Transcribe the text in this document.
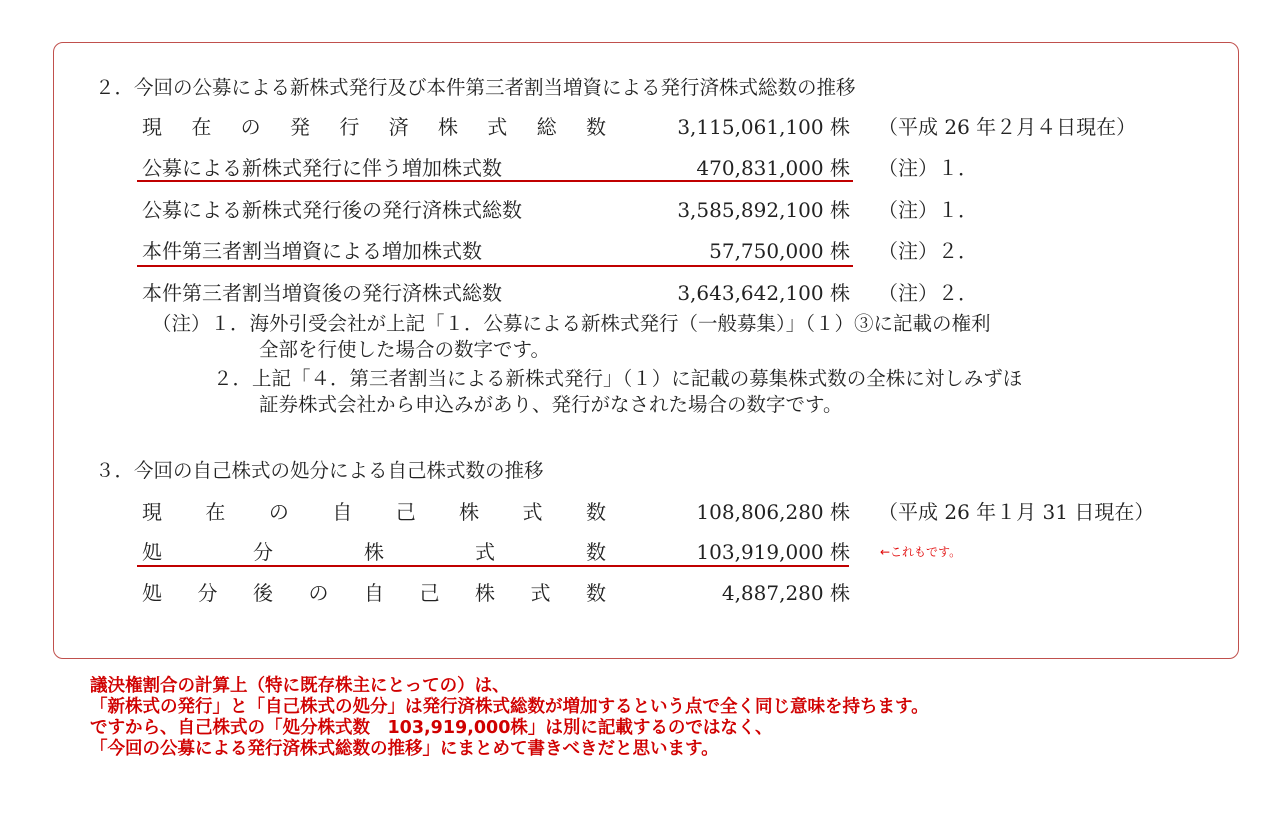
２．今回の公募による新株式発行及び本件第三者割当増資による発行済株式総数の推移
現 在 の 発 行 済 株 式 総 数	3,115,061,100 株 （平成 26 年２月４日現在）
公募による新株式発行に伴う増加株式数	470,831,000 株 （注）１．
公募による新株式発行後の発行済株式総数	3,585,892,100 株 （注）１．
本件第三者割当増資による増加株式数	57,750,000 株 （注）２．
本件第三者割当増資後の発行済株式総数	3,643,642,100 株 （注）２．
（注）１．海外引受会社が上記「１．公募による新株式発行（一般募集）」（１）③に記載の権利
全部を行使した場合の数字です。
２．上記「４．第三者割当による新株式発行」（１）に記載の募集株式数の全株に対しみずほ
証券株式会社から申込みがあり、発行がなされた場合の数字です。
３．今回の自己株式の処分による自己株式数の推移
現 在 の 自 己 株 式 数	108,806,280 株 （平成 26 年１月 31 日現在）
処	分	株	式	数	103,919,000 株
処 分 後 の 自 己 株 式 数	4,887,280 株
←これもです。
議決権割合の計算上（特に既存株主にとっての）は、
「新株式の発行」と「自己株式の処分」は発行済株式総数が増加するという点で全く同じ意味を持ちます。
ですから、自己株式の「処分株式数　103,919,000株」は別に記載するのではなく、
「今回の公募による発行済株式総数の推移」にまとめて書きべきだと思います。
